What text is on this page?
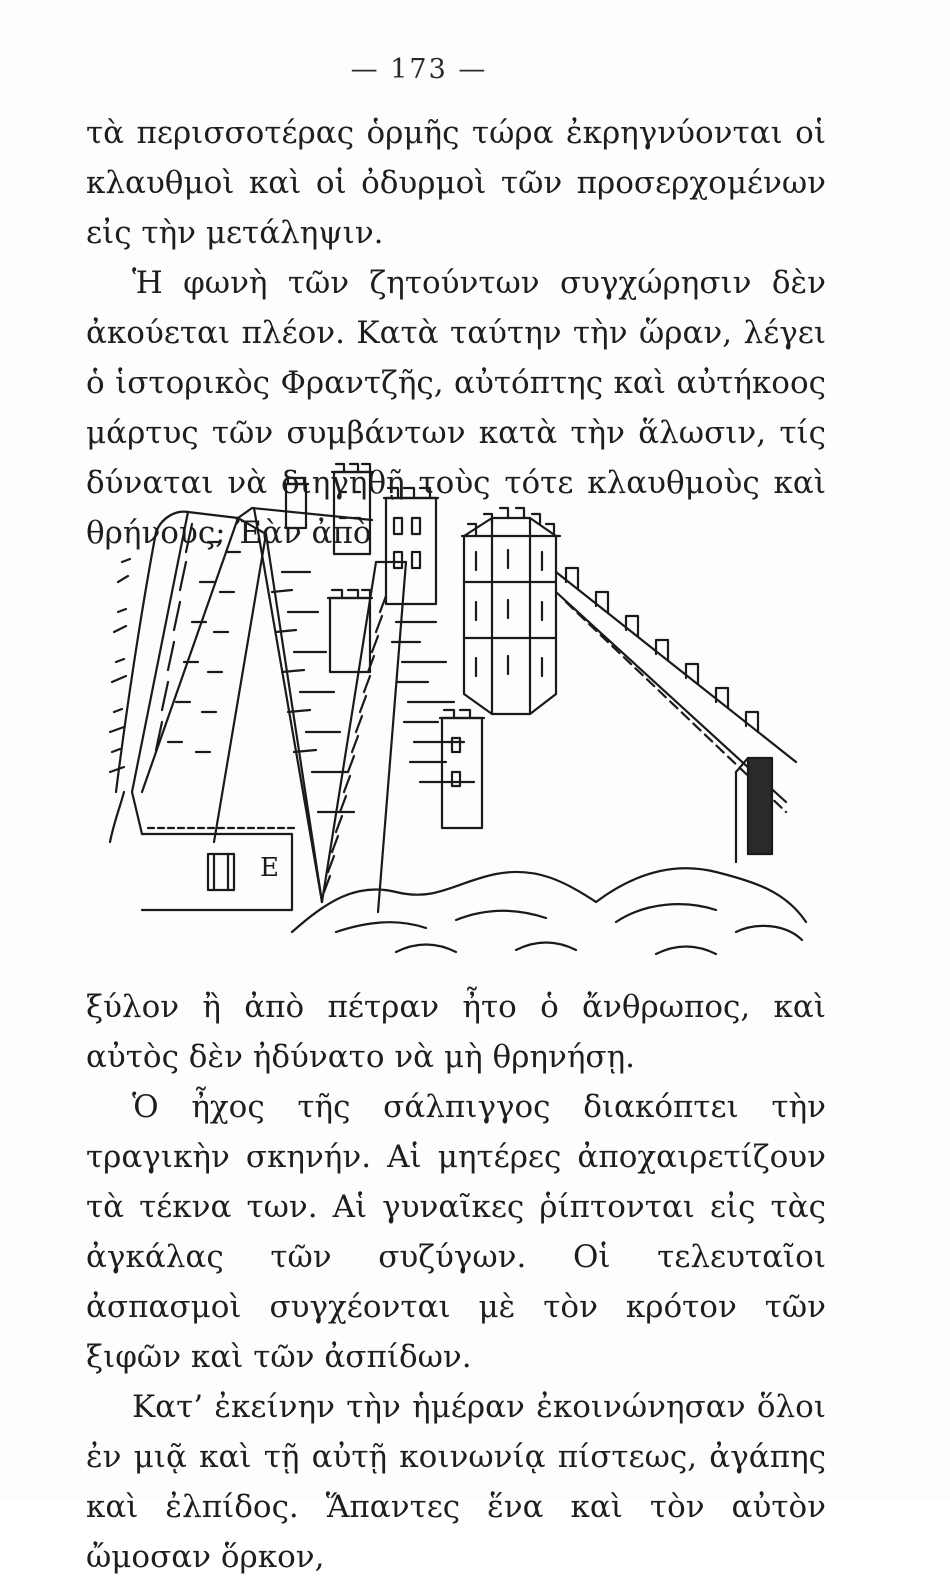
— 173 —

τὰ περισσοτέρας ὁρμῆς τώρα ἐκρηγνύονται οἱ κλαυθμοὶ καὶ οἱ ὀδυρμοὶ τῶν προσερχομένων εἰς τὴν μετάληψιν.

Ἡ φωνὴ τῶν ζητούντων συγχώρησιν δὲν ἀκούεται πλέον. Κατὰ ταύτην τὴν ὥραν, λέγει ὁ ἱστορικὸς Φραντζῆς, αὐτόπτης καὶ αὐτήκοος μάρτυς τῶν συμβάντων κατὰ τὴν ἅλωσιν, τίς δύναται νὰ διηγηθῇ τοὺς τότε κλαυθμοὺς καὶ θρήνους; Ἐὰν ἀπὸ

Ε

ξύλον ἢ ἀπὸ πέτραν ἦτο ὁ ἄνθρωπος, καὶ αὐτὸς δὲν ἠδύνατο νὰ μὴ θρηνήσῃ.

Ὁ ἦχος τῆς σάλπιγγος διακόπτει τὴν τραγικὴν σκηνήν. Αἱ μητέρες ἀποχαιρετίζουν τὰ τέκνα των. Αἱ γυναῖκες ῥίπτονται εἰς τὰς ἀγκάλας τῶν συζύγων. Οἱ τελευταῖοι ἀσπασμοὶ συγχέονται μὲ τὸν κρότον τῶν ξιφῶν καὶ τῶν ἀσπίδων.

Κατ’ ἐκείνην τὴν ἡμέραν ἐκοινώνησαν ὅλοι ἐν μιᾷ καὶ τῇ αὐτῇ κοινωνίᾳ πίστεως, ἀγάπης καὶ ἐλπίδος. Ἅπαντες ἕνα καὶ τὸν αὐτὸν ὤμοσαν ὅρκον,
